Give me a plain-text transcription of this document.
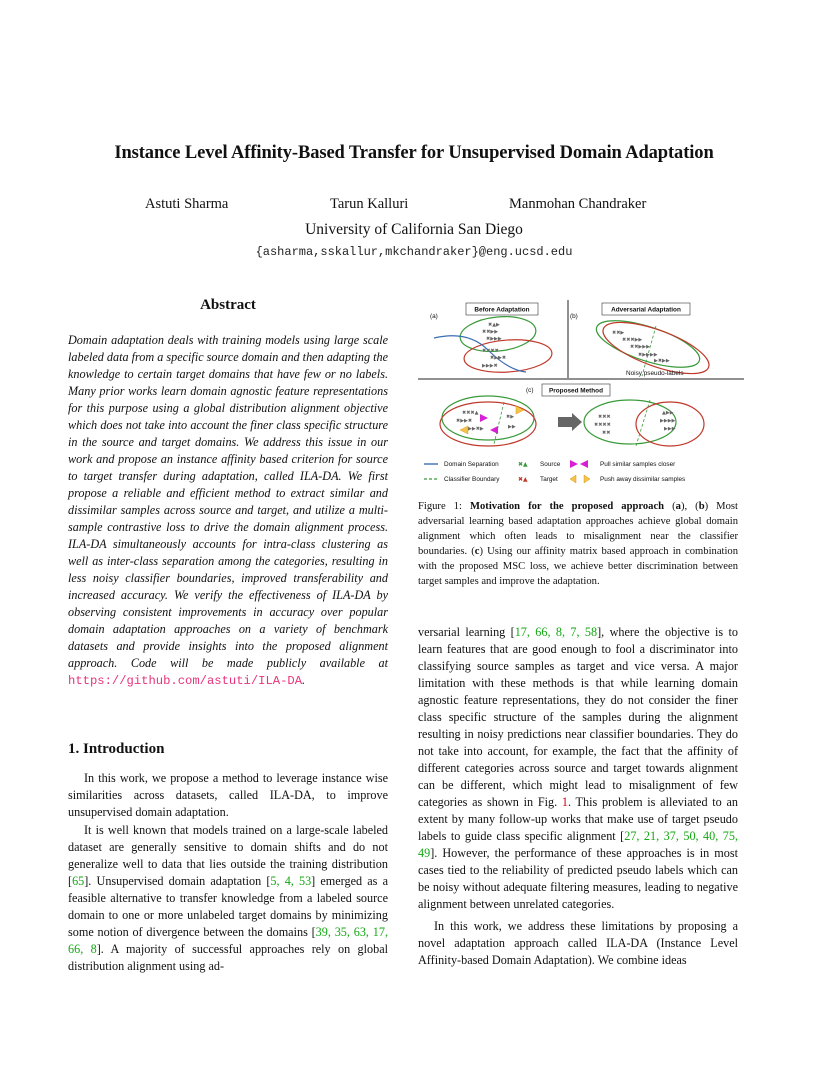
Instance Level Affinity-Based Transfer for Unsupervised Domain Adaptation
Astuti Sharma	Tarun Kalluri	Manmohan Chandraker
University of California San Diego
{asharma,sskallur,mkchandraker}@eng.ucsd.edu
Abstract
Domain adaptation deals with training models using large scale labeled data from a specific source domain and then adapting the knowledge to certain target domains that have few or no labels. Many prior works learn domain agnostic feature representations for this purpose using a global distribution alignment objective which does not take into account the finer class specific structure in the source and target domains. We address this issue in our work and propose an instance affinity based criterion for source to target transfer during adaptation, called ILA-DA. We first propose a reliable and efficient method to extract similar and dissimilar samples across source and target, and utilize a multi-sample contrastive loss to drive the domain alignment process. ILA-DA simultaneously accounts for intra-class clustering as well as inter-class separation among the categories, resulting in less noisy classifier boundaries, improved transferability and increased accuracy. We verify the effectiveness of ILA-DA by observing consistent improvements in accuracy over popular domain adaptation approaches on a variety of benchmark datasets and provide insights into the proposed alignment approach. Code will be made publicly available at https://github.com/astuti/ILA-DA.
1. Introduction
In this work, we propose a method to leverage instance wise similarities across datasets, called ILA-DA, to improve unsupervised domain adaptation.
It is well known that models trained on a large-scale labeled dataset are generally sensitive to domain shifts and do not generalize well to data that lies outside the training distribution [65]. Unsupervised domain adaptation [5, 4, 53] emerged as a feasible alternative to transfer knowledge from a labeled source domain to one or more unlabeled target domains by minimizing some notion of divergence between the domains [39, 35, 63, 17, 66, 8]. A majority of successful approaches rely on global distribution alignment using ad-
(a)	(b)
(c)
Before Adaptation	Adversarial Adaptation
Proposed Method
✖▲▶
✖✖▶▶
✖▶▶▶
✖✖✖✖
✖▶▶✖
▶▶▶✖
✖✖▶
✖✖✖▶▶
✖✖▶▶▶
✖▶▶▶▶
▶✖▶▶
Noisy pseudo-labels
✖✖✖▲
✖▶▶✖
▶▶✖▶
✖▶
▶▶
✖✖✖
✖✖✖✖
✖✖
▲▶▶
▶▶▶▶
▶▶▶
Domain Separation
Classifier Boundary
✖▲ Source
✖▲ Target
Pull similar samples closer
Push away dissimilar samples
Figure 1: Motivation for the proposed approach (a), (b) Most adversarial learning based adaptation approaches achieve global domain alignment which often leads to misalignment near the classifier boundaries. (c) Using our affinity matrix based approach in combination with the proposed MSC loss, we achieve better discrimination between target samples and improve the adaptation.
versarial learning [17, 66, 8, 7, 58], where the objective is to learn features that are good enough to fool a discriminator into classifying source samples as target and vice versa. A major limitation with these methods is that while learning domain agnostic feature representations, they do not consider the finer class specific structure of the samples during the alignment resulting in noisy predictions near classifier boundaries. They do not take into account, for example, the fact that the affinity of different categories across source and target towards alignment can be different, which might lead to misalignment of few categories as shown in Fig. 1. This problem is alleviated to an extent by many follow-up works that make use of target pseudo labels to guide class specific alignment [27, 21, 37, 50, 40, 75, 49]. However, the performance of these approaches is in most cases tied to the reliability of predicted pseudo labels which can be noisy without adequate filtering measures, leading to negative alignment between unrelated categories.
In this work, we address these limitations by proposing a novel adaptation approach called ILA-DA (Instance Level Affinity-based Domain Adaptation). We combine ideas
